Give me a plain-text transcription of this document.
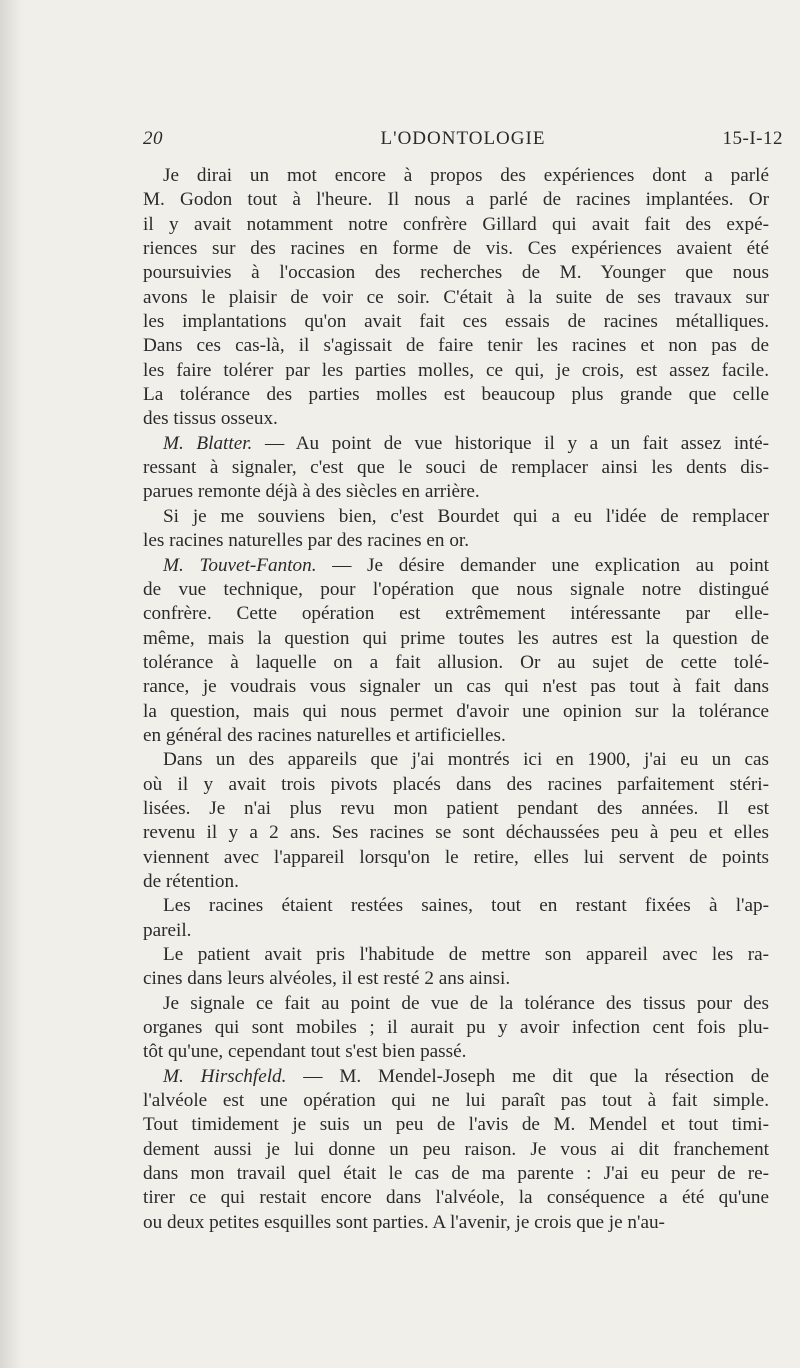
20	L'ODONTOLOGIE	15-I-12
Je dirai un mot encore à propos des expériences dont a parlé
M. Godon tout à l'heure. Il nous a parlé de racines implantées. Or
il y avait notamment notre confrère Gillard qui avait fait des expé-
riences sur des racines en forme de vis. Ces expériences avaient été
poursuivies à l'occasion des recherches de M. Younger que nous
avons le plaisir de voir ce soir. C'était à la suite de ses travaux sur
les implantations qu'on avait fait ces essais de racines métalliques.
Dans ces cas-là, il s'agissait de faire tenir les racines et non pas de
les faire tolérer par les parties molles, ce qui, je crois, est assez facile.
La tolérance des parties molles est beaucoup plus grande que celle
des tissus osseux.
M. Blatter. — Au point de vue historique il y a un fait assez inté-
ressant à signaler, c'est que le souci de remplacer ainsi les dents dis-
parues remonte déjà à des siècles en arrière.
Si je me souviens bien, c'est Bourdet qui a eu l'idée de remplacer
les racines naturelles par des racines en or.
M. Touvet-Fanton. — Je désire demander une explication au point
de vue technique, pour l'opération que nous signale notre distingué
confrère. Cette opération est extrêmement intéressante par elle-
même, mais la question qui prime toutes les autres est la question de
tolérance à laquelle on a fait allusion. Or au sujet de cette tolé-
rance, je voudrais vous signaler un cas qui n'est pas tout à fait dans
la question, mais qui nous permet d'avoir une opinion sur la tolérance
en général des racines naturelles et artificielles.
Dans un des appareils que j'ai montrés ici en 1900, j'ai eu un cas
où il y avait trois pivots placés dans des racines parfaitement stéri-
lisées. Je n'ai plus revu mon patient pendant des années. Il est
revenu il y a 2 ans. Ses racines se sont déchaussées peu à peu et elles
viennent avec l'appareil lorsqu'on le retire, elles lui servent de points
de rétention.
Les racines étaient restées saines, tout en restant fixées à l'ap-
pareil.
Le patient avait pris l'habitude de mettre son appareil avec les ra-
cines dans leurs alvéoles, il est resté 2 ans ainsi.
Je signale ce fait au point de vue de la tolérance des tissus pour des
organes qui sont mobiles ; il aurait pu y avoir infection cent fois plu-
tôt qu'une, cependant tout s'est bien passé.
M. Hirschfeld. — M. Mendel-Joseph me dit que la résection de
l'alvéole est une opération qui ne lui paraît pas tout à fait simple.
Tout timidement je suis un peu de l'avis de M. Mendel et tout timi-
dement aussi je lui donne un peu raison. Je vous ai dit franchement
dans mon travail quel était le cas de ma parente : J'ai eu peur de re-
tirer ce qui restait encore dans l'alvéole, la conséquence a été qu'une
ou deux petites esquilles sont parties. A l'avenir, je crois que je n'au-
